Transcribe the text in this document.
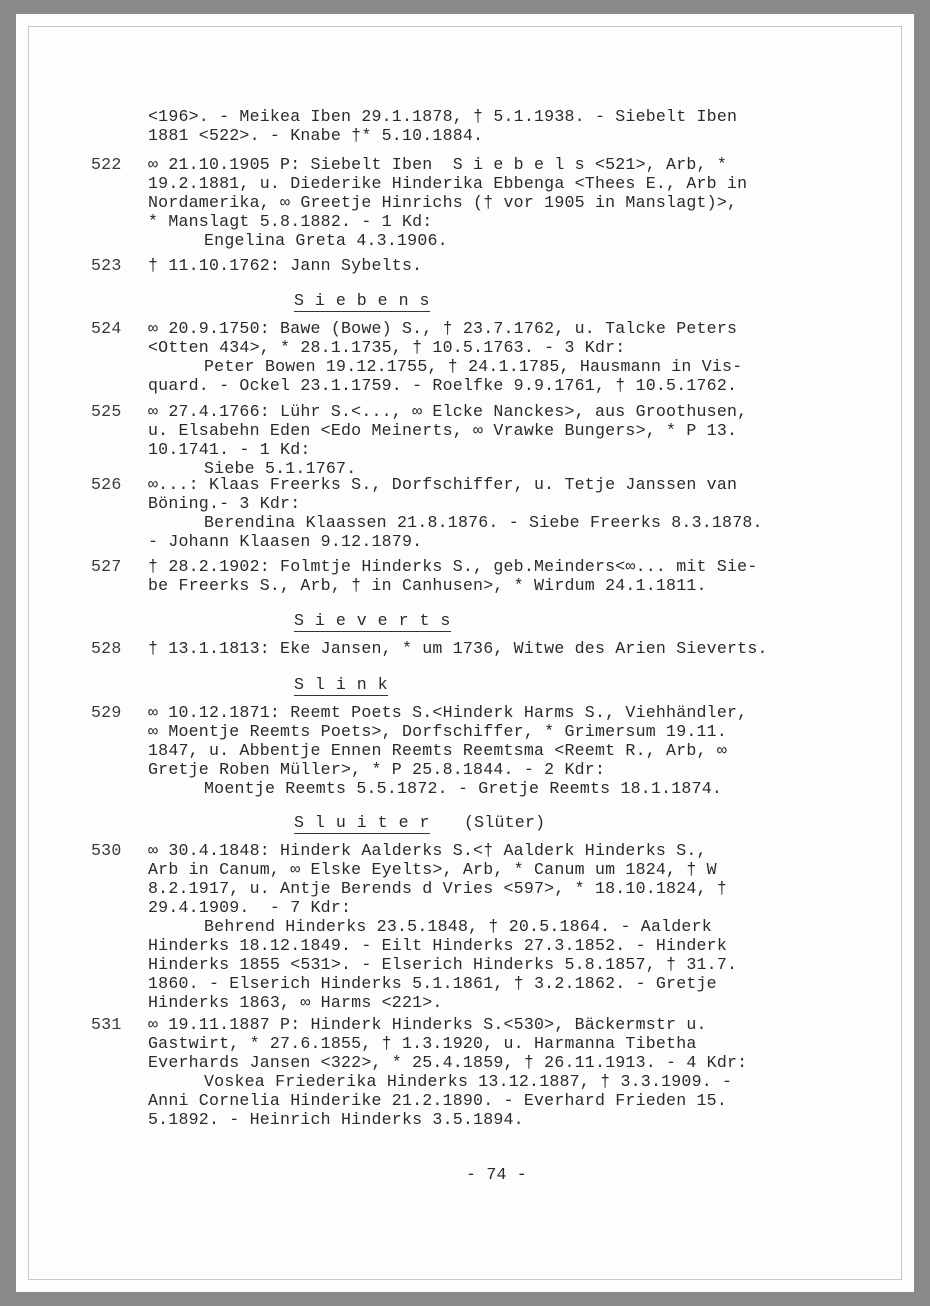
<196>. - Meikea Iben 29.1.1878, † 5.1.1938. - Siebelt Iben
1881 <522>. - Knabe †* 5.10.1884.
522 ∞ 21.10.1905 P: Siebelt Iben  S i e b e l s <521>, Arb, *
19.2.1881, u. Diederike Hinderika Ebbenga <Thees E., Arb in
Nordamerika, ∞ Greetje Hinrichs († vor 1905 in Manslagt)>,
* Manslagt 5.8.1882. - 1 Kd:
Engelina Greta 4.3.1906.
523 † 11.10.1762: Jann Sybelts.
S i e b e n s
524 ∞ 20.9.1750: Bawe (Bowe) S., † 23.7.1762, u. Talcke Peters
<Otten 434>, * 28.1.1735, † 10.5.1763. - 3 Kdr:
Peter Bowen 19.12.1755, † 24.1.1785, Hausmann in Vis-
quard. - Ockel 23.1.1759. - Roelfke 9.9.1761, † 10.5.1762.
525 ∞ 27.4.1766: Lühr S.<..., ∞ Elcke Nanckes>, aus Groothusen,
u. Elsabehn Eden <Edo Meinerts, ∞ Vrawke Bungers>, * P 13.
10.1741. - 1 Kd:
Siebe 5.1.1767.
526 ∞...: Klaas Freerks S., Dorfschiffer, u. Tetje Janssen van
Böning.- 3 Kdr:
Berendina Klaassen 21.8.1876. - Siebe Freerks 8.3.1878.
- Johann Klaasen 9.12.1879.
527 † 28.2.1902: Folmtje Hinderks S., geb.Meinders<∞... mit Sie-
be Freerks S., Arb, † in Canhusen>, * Wirdum 24.1.1811.
S i e v e r t s
528 † 13.1.1813: Eke Jansen, * um 1736, Witwe des Arien Sieverts.
S l i n k
529 ∞ 10.12.1871: Reemt Poets S.<Hinderk Harms S., Viehhändler,
∞ Moentje Reemts Poets>, Dorfschiffer, * Grimersum 19.11.
1847, u. Abbentje Ennen Reemts Reemtsma <Reemt R., Arb, ∞
Gretje Roben Müller>, * P 25.8.1844. - 2 Kdr:
Moentje Reemts 5.5.1872. - Gretje Reemts 18.1.1874.
S l u i t e r (Slüter)
530 ∞ 30.4.1848: Hinderk Aalderks S.<† Aalderk Hinderks S.,
Arb in Canum, ∞ Elske Eyelts>, Arb, * Canum um 1824, † W
8.2.1917, u. Antje Berends d Vries <597>, * 18.10.1824, †
29.4.1909.  - 7 Kdr:
Behrend Hinderks 23.5.1848, † 20.5.1864. - Aalderk
Hinderks 18.12.1849. - Eilt Hinderks 27.3.1852. - Hinderk
Hinderks 1855 <531>. - Elserich Hinderks 5.8.1857, † 31.7.
1860. - Elserich Hinderks 5.1.1861, † 3.2.1862. - Gretje
Hinderks 1863, ∞ Harms <221>.
531 ∞ 19.11.1887 P: Hinderk Hinderks S.<530>, Bäckermstr u.
Gastwirt, * 27.6.1855, † 1.3.1920, u. Harmanna Tibetha
Everhards Jansen <322>, * 25.4.1859, † 26.11.1913. - 4 Kdr:
Voskea Friederika Hinderks 13.12.1887, † 3.3.1909. -
Anni Cornelia Hinderike 21.2.1890. - Everhard Frieden 15.
5.1892. - Heinrich Hinderks 3.5.1894.
- 74 -
